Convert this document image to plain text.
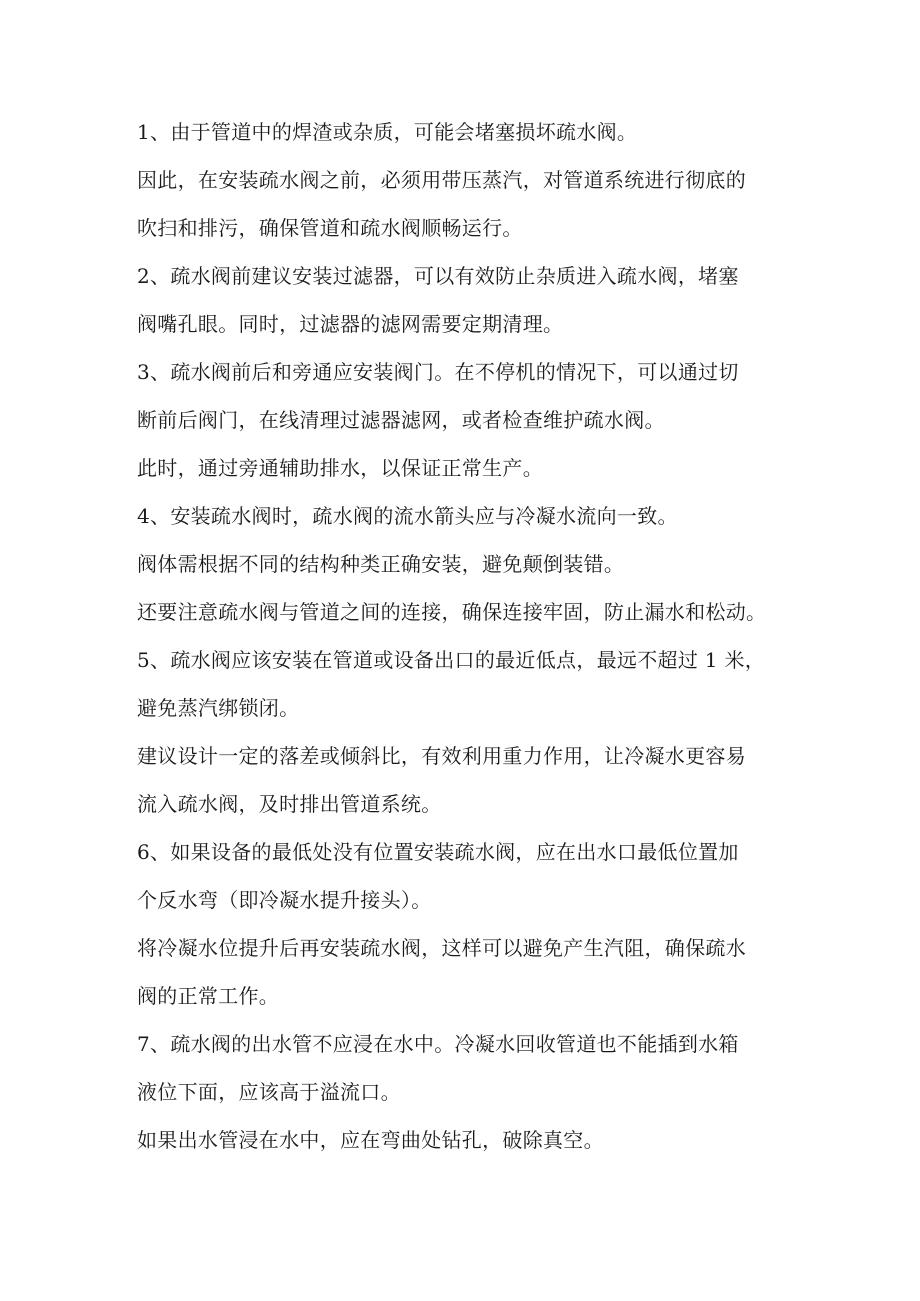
1、由于管道中的焊渣或杂质，可能会堵塞损坏疏水阀。
因此，在安装疏水阀之前，必须用带压蒸汽，对管道系统进行彻底的
吹扫和排污，确保管道和疏水阀顺畅运行。
2、疏水阀前建议安装过滤器，可以有效防止杂质进入疏水阀，堵塞
阀嘴孔眼。同时，过滤器的滤网需要定期清理。
3、疏水阀前后和旁通应安装阀门。在不停机的情况下，可以通过切
断前后阀门，在线清理过滤器滤网，或者检查维护疏水阀。
此时，通过旁通辅助排水，以保证正常生产。
4、安装疏水阀时，疏水阀的流水箭头应与冷凝水流向一致。
阀体需根据不同的结构种类正确安装，避免颠倒装错。
还要注意疏水阀与管道之间的连接，确保连接牢固，防止漏水和松动。
5、疏水阀应该安装在管道或设备出口的最近低点，最远不超过 1 米，
避免蒸汽绑锁闭。
建议设计一定的落差或倾斜比，有效利用重力作用，让冷凝水更容易
流入疏水阀，及时排出管道系统。
6、如果设备的最低处没有位置安装疏水阀，应在出水口最低位置加
个反水弯（即冷凝水提升接头）。
将冷凝水位提升后再安装疏水阀，这样可以避免产生汽阻，确保疏水
阀的正常工作。
7、疏水阀的出水管不应浸在水中。冷凝水回收管道也不能插到水箱
液位下面，应该高于溢流口。
如果出水管浸在水中，应在弯曲处钻孔，破除真空。
